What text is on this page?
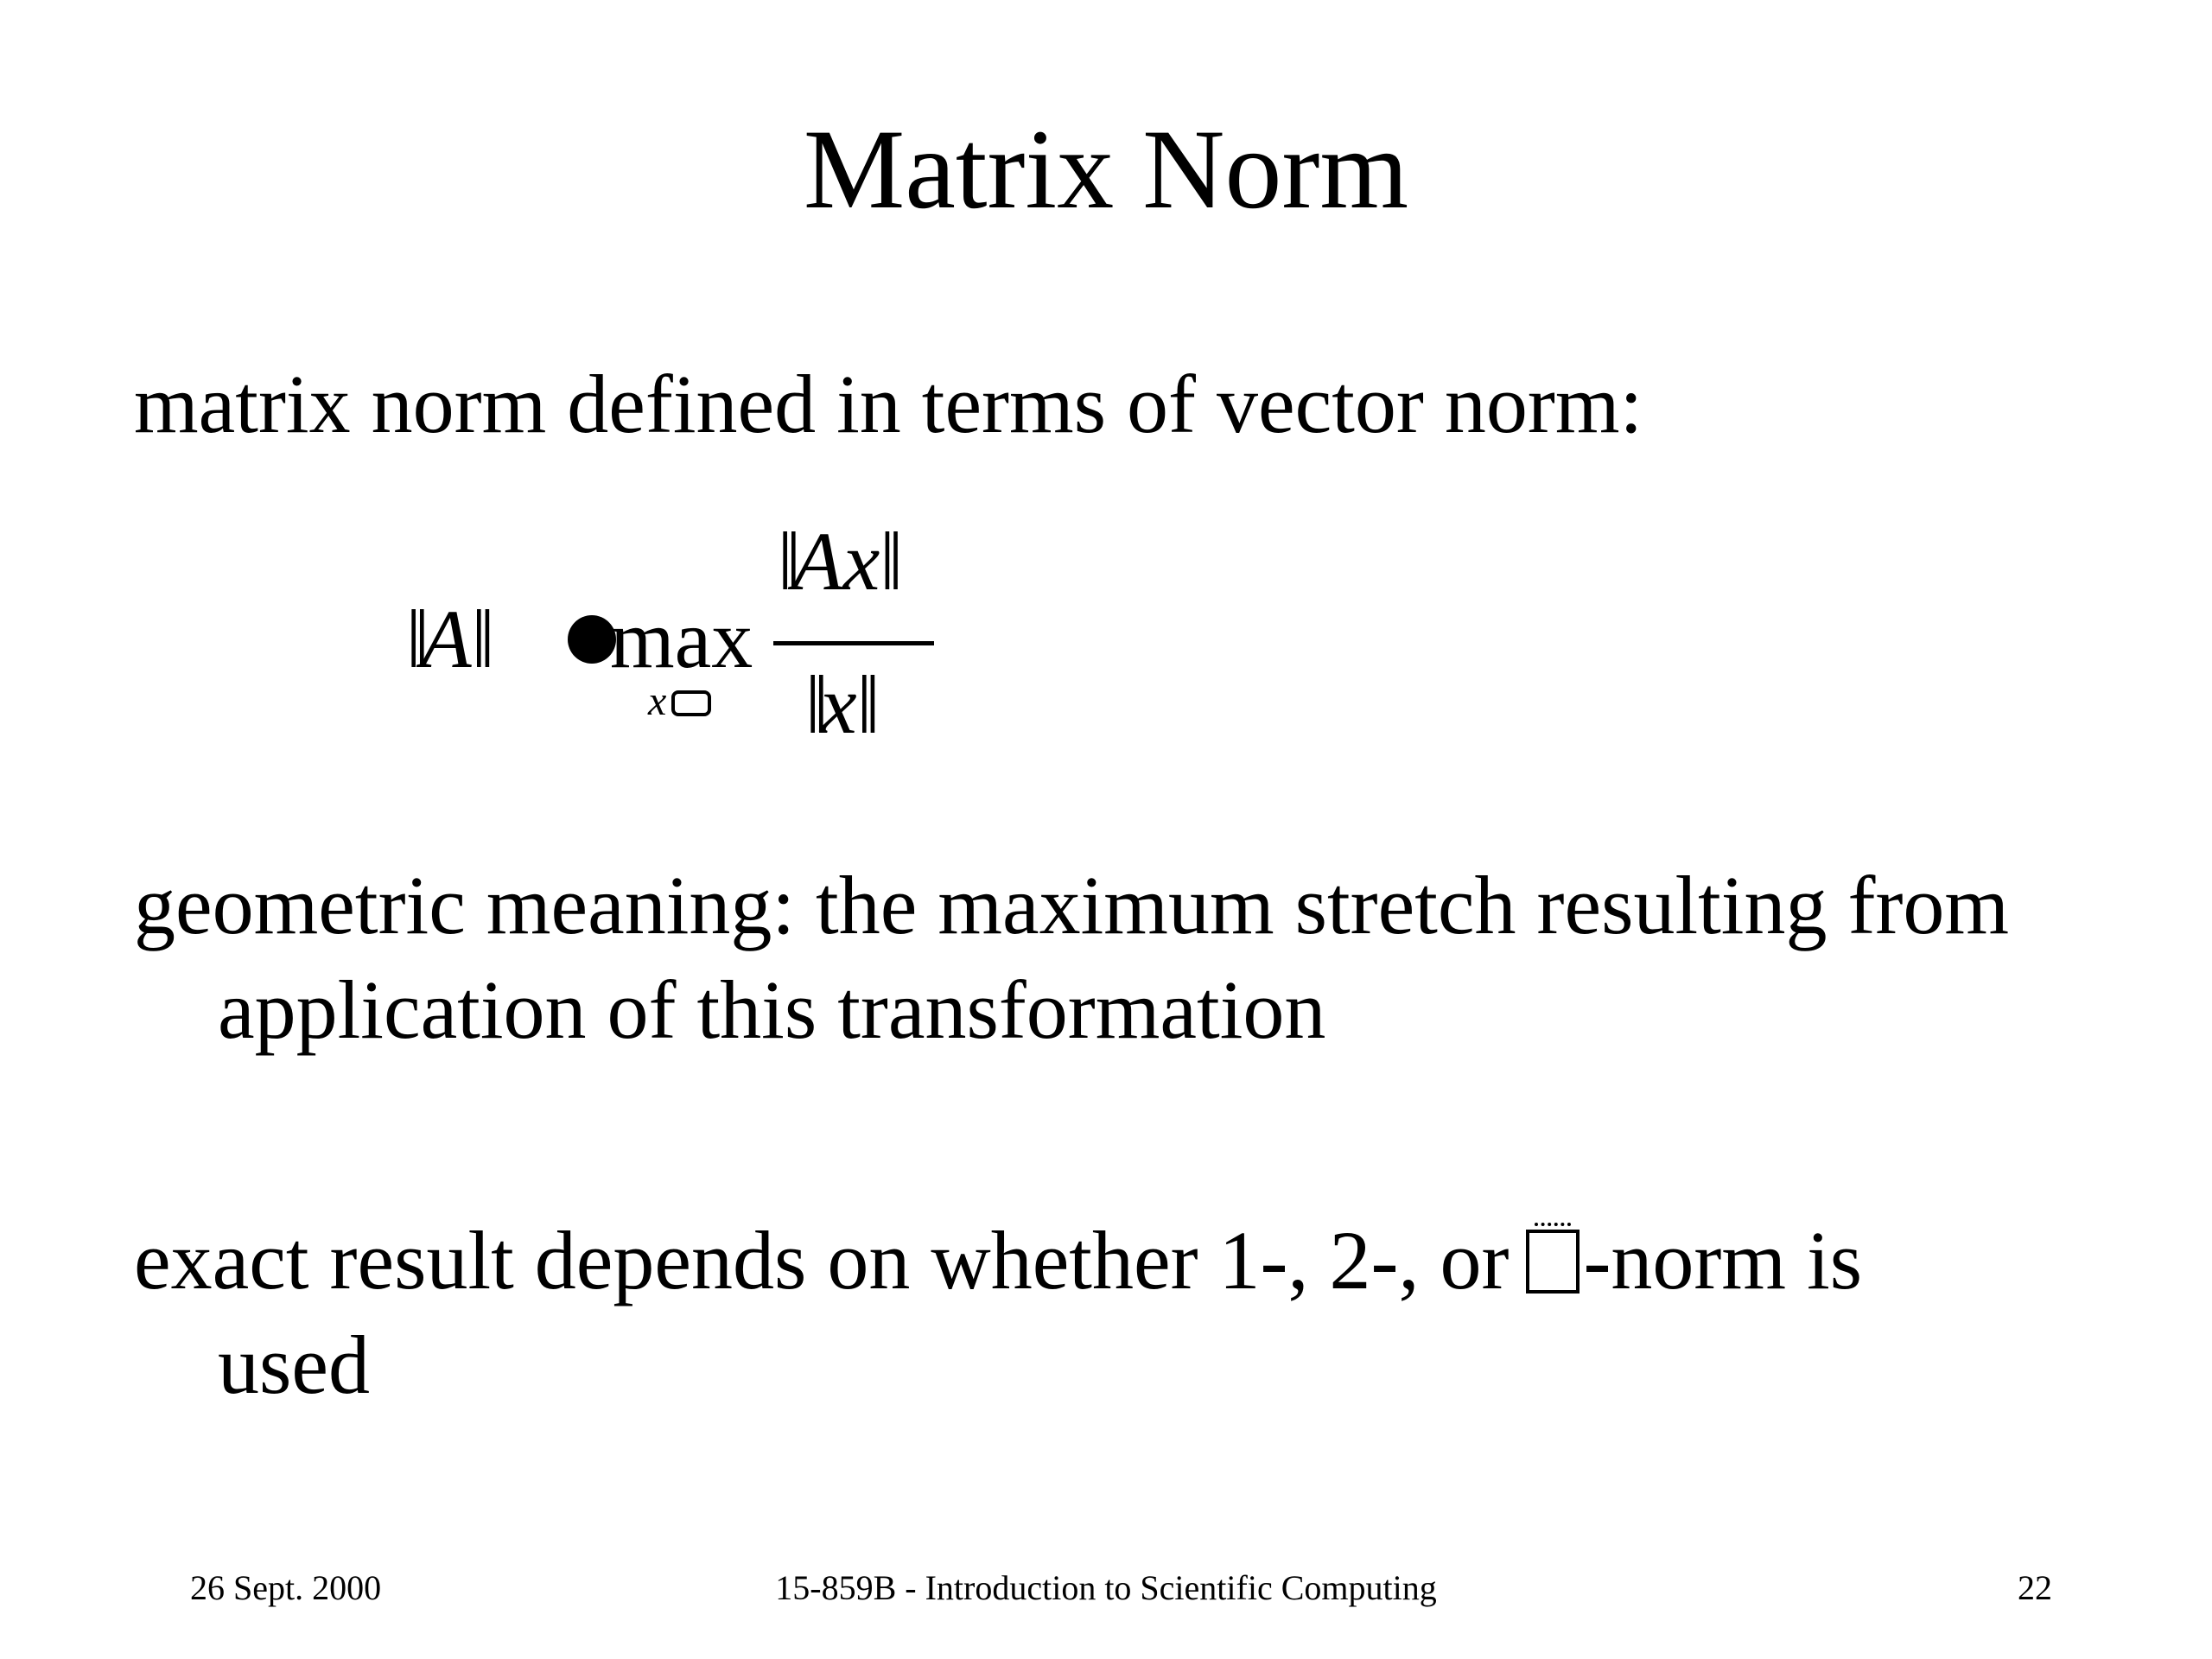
Matrix Norm
matrix norm defined in terms of vector norm:
‖A‖ max
x
‖Ax‖
‖x‖
geometric meaning: the maximum stretch resulting from
application of this transformation
exact result depends on whether 1-, 2-, or -norm is
used
26 Sept. 2000	15-859B - Introduction to Scientific Computing	22
